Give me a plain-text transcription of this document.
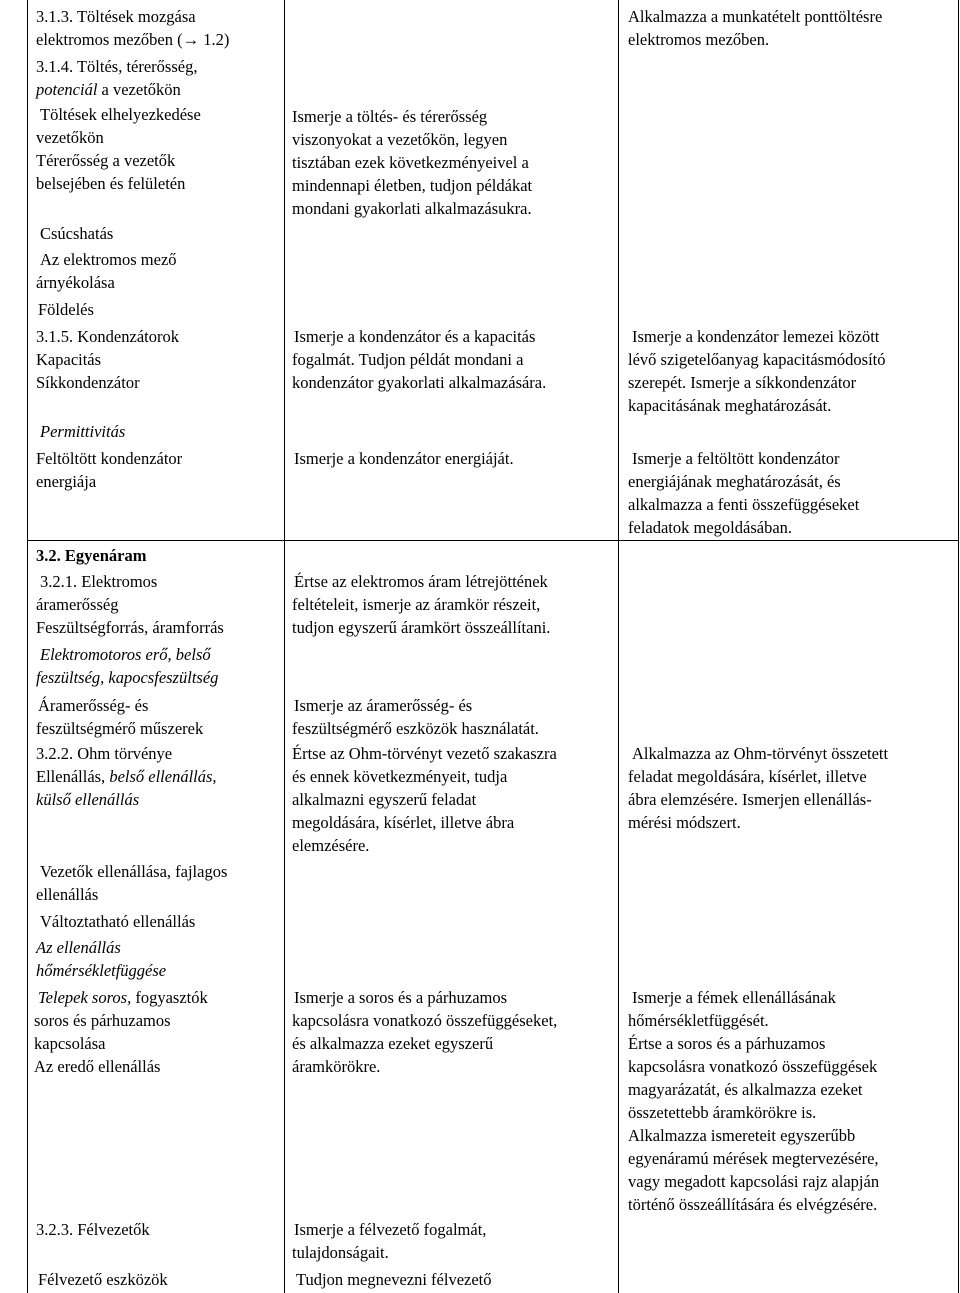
3.1.3. Töltések mozgása
elektromos mezőben (→ 1.2)
3.1.4. Töltés, térerősség,
potenciál a vezetőkön
Töltések elhelyezkedése
vezetőkön
Térerősség a vezetők
belsejében és felületén
Csúcshatás
Az elektromos mező
árnyékolása
Földelés
3.1.5. Kondenzátorok
Kapacitás
Síkkondenzátor
Permittivitás
Feltöltött kondenzátor
energiája
3.2. Egyenáram
3.2.1. Elektromos
áramerősség
Feszültségforrás, áramforrás
Elektromotoros erő, belső
feszültség, kapocsfeszültség
Áramerősség- és
feszültségmérő műszerek
3.2.2. Ohm törvénye
Ellenállás, belső ellenállás,
külső ellenállás
Vezetők ellenállása, fajlagos
ellenállás
Változtatható ellenállás
Az ellenállás
hőmérsékletfüggése
Telepek soros, fogyasztók
soros és párhuzamos
kapcsolása
Az eredő ellenállás
3.2.3. Félvezetők
Félvezető eszközök
Ismerje a töltés- és térerősség
viszonyokat a vezetőkön, legyen
tisztában ezek következményeivel a
mindennapi életben, tudjon példákat
mondani gyakorlati alkalmazásukra.
Ismerje a kondenzátor és a kapacitás
fogalmát. Tudjon példát mondani a
kondenzátor gyakorlati alkalmazására.
Ismerje a kondenzátor energiáját.
Értse az elektromos áram létrejöttének
feltételeit, ismerje az áramkör részeit,
tudjon egyszerű áramkört összeállítani.
Ismerje az áramerősség- és
feszültségmérő eszközök használatát.
Értse az Ohm-törvényt vezető szakaszra
és ennek következményeit, tudja
alkalmazni egyszerű feladat
megoldására, kísérlet, illetve ábra
elemzésére.
Ismerje a soros és a párhuzamos
kapcsolásra vonatkozó összefüggéseket,
és alkalmazza ezeket egyszerű
áramkörökre.
Ismerje a félvezető fogalmát,
tulajdonságait.
Tudjon megnevezni félvezető
Alkalmazza a munkatételt ponttöltésre
elektromos mezőben.
Ismerje a kondenzátor lemezei között
lévő szigetelőanyag kapacitásmódosító
szerepét. Ismerje a síkkondenzátor
kapacitásának meghatározását.
Ismerje a feltöltött kondenzátor
energiájának meghatározását, és
alkalmazza a fenti összefüggéseket
feladatok megoldásában.
Alkalmazza az Ohm-törvényt összetett
feladat megoldására, kísérlet, illetve
ábra elemzésére. Ismerjen ellenállás-
mérési módszert.
Ismerje a fémek ellenállásának
hőmérsékletfüggését.
Értse a soros és a párhuzamos
kapcsolásra vonatkozó összefüggések
magyarázatát, és alkalmazza ezeket
összetettebb áramkörökre is.
Alkalmazza ismereteit egyszerűbb
egyenáramú mérések megtervezésére,
vagy megadott kapcsolási rajz alapján
történő összeállítására és elvégzésére.
